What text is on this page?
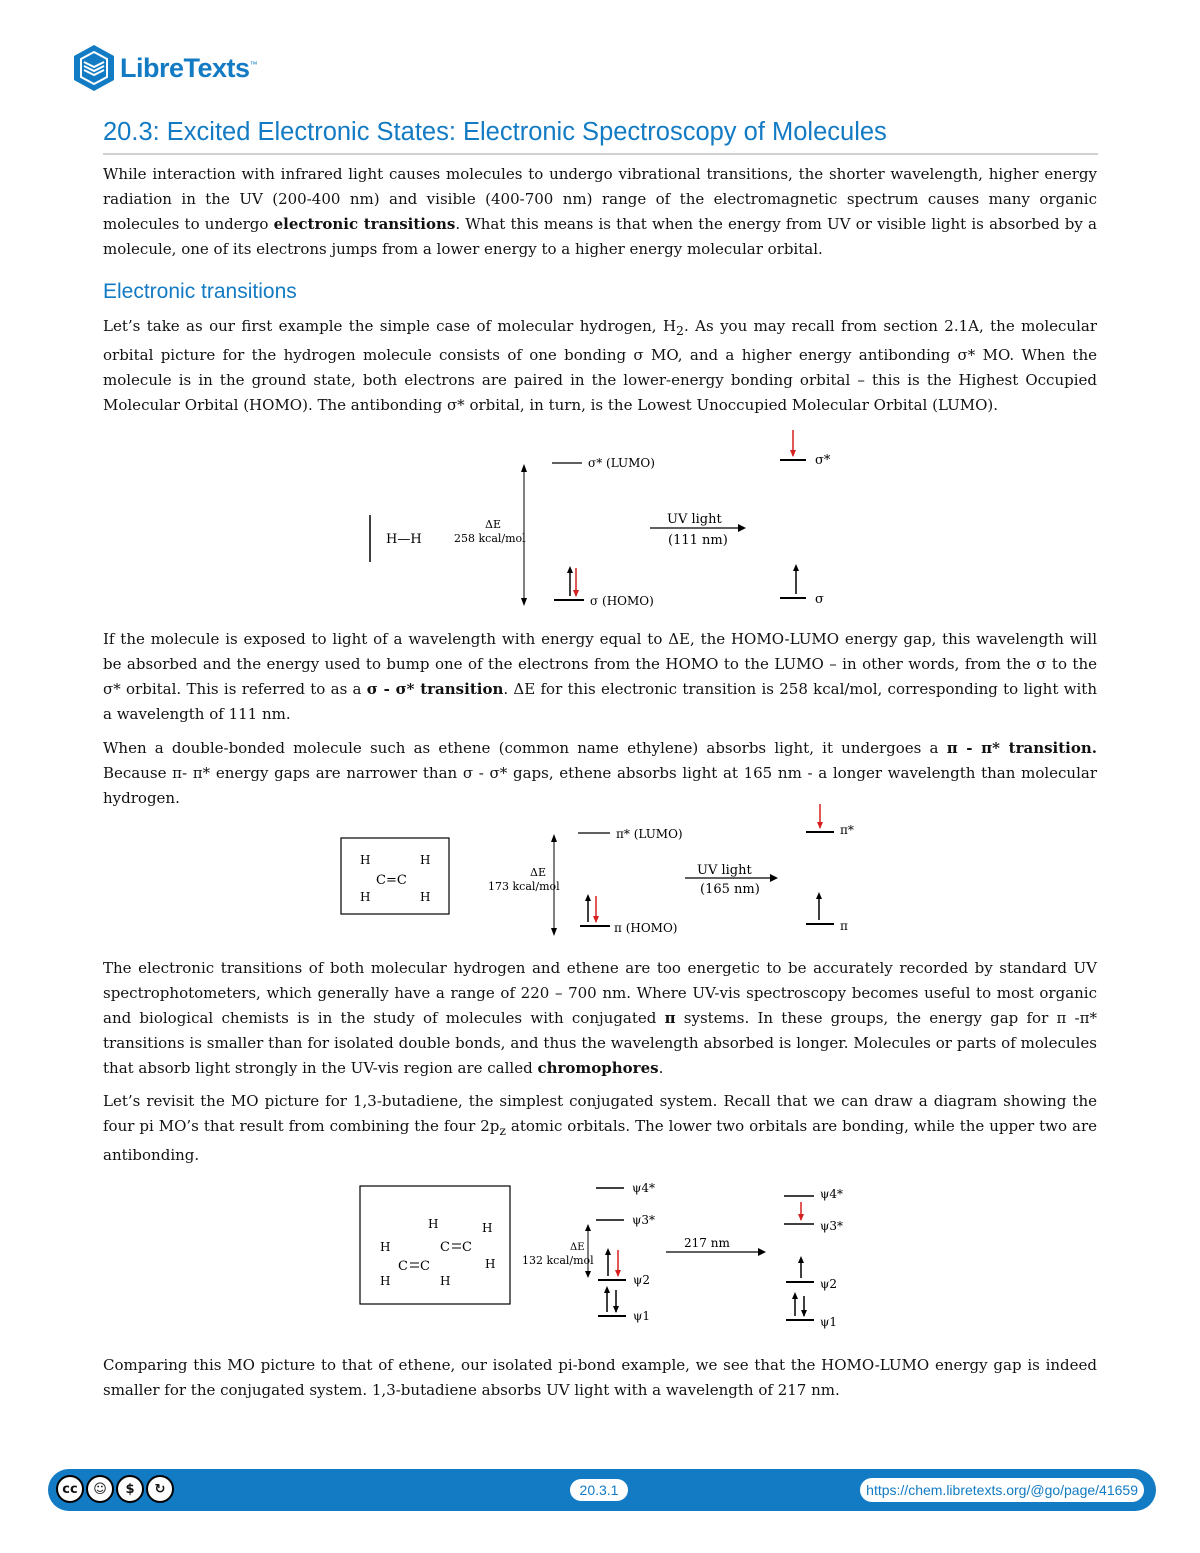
LibreTexts™
20.3: Excited Electronic States: Electronic Spectroscopy of Molecules

While interaction with infrared light causes molecules to undergo vibrational transitions, the shorter wavelength, higher energy radiation in the UV (200-400 nm) and visible (400-700 nm) range of the electromagnetic spectrum causes many organic molecules to undergo electronic transitions. What this means is that when the energy from UV or visible light is absorbed by a molecule, one of its electrons jumps from a lower energy to a higher energy molecular orbital.

Electronic transitions

Let’s take as our first example the simple case of molecular hydrogen, $H_2$. As you may recall from section 2.1A, the molecular orbital picture for the hydrogen molecule consists of one bonding σ MO, and a higher energy antibonding σ* MO. When the molecule is in the ground state, both electrons are paired in the lower-energy bonding orbital – this is the Highest Occupied Molecular Orbital (HOMO). The antibonding σ* orbital, in turn, is the Lowest Unoccupied Molecular Orbital (LUMO).

H—H
ΔE
258 kcal/mol
σ* (LUMO)
σ (HOMO)
UV light
(111 nm)
σ*
σ

If the molecule is exposed to light of a wavelength with energy equal to ΔE, the HOMO-LUMO energy gap, this wavelength will be absorbed and the energy used to bump one of the electrons from the HOMO to the LUMO – in other words, from the σ to the σ* orbital. This is referred to as a σ - σ* transition. ΔE for this electronic transition is 258 kcal/mol, corresponding to light with a wavelength of 111 nm.

When a double-bonded molecule such as ethene (common name ethylene) absorbs light, it undergoes a π - π* transition. Because π- π* energy gaps are narrower than σ - σ* gaps, ethene absorbs light at 165 nm - a longer wavelength than molecular hydrogen.

H	H
H	H
C=C
ΔE
173 kcal/mol
π* (LUMO)
π (HOMO)
UV light
(165 nm)
π*
π

The electronic transitions of both molecular hydrogen and ethene are too energetic to be accurately recorded by standard UV spectrophotometers, which generally have a range of 220 – 700 nm. Where UV-vis spectroscopy becomes useful to most organic and biological chemists is in the study of molecules with conjugated π systems. In these groups, the energy gap for π -π* transitions is smaller than for isolated double bonds, and thus the wavelength absorbed is longer. Molecules or parts of molecules that absorb light strongly in the UV-vis region are called chromophores.

Let’s revisit the MO picture for 1,3-butadiene, the simplest conjugated system. Recall that we can draw a diagram showing the four pi MO’s that result from combining the four $2p_z$ atomic orbitals. The lower two orbitals are bonding, while the upper two are antibonding.

H	H
H	C C
H
C C
H	H
ΔE
132 kcal/mol
ψ4*
ψ3*
ψ2
ψ1
217 nm
ψ4*
ψ3*
ψ2
ψ1

Comparing this MO picture to that of ethene, our isolated pi-bond example, we see that the HOMO-LUMO energy gap is indeed smaller for the conjugated system. 1,3-butadiene absorbs UV light with a wavelength of 217 nm.

cc	☺	$	↻	20.3.1	https://chem.libretexts.org/@go/page/41659
